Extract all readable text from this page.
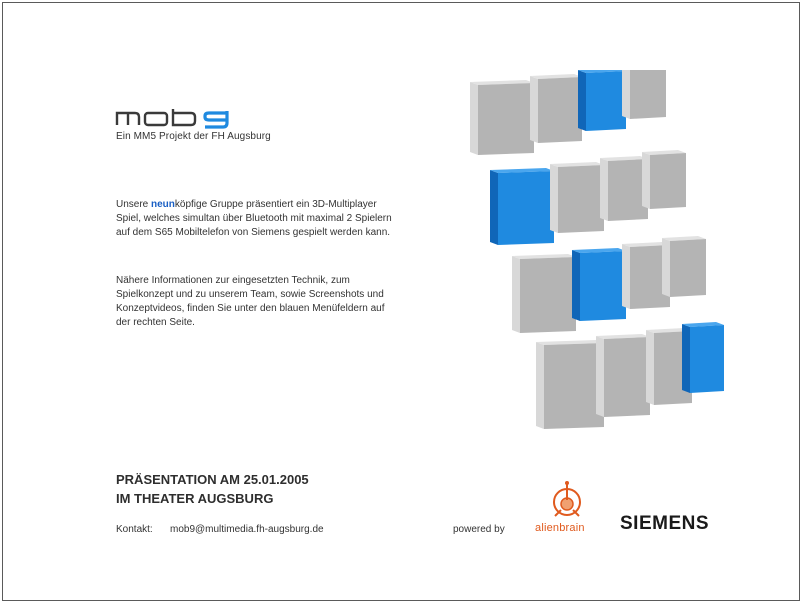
Ein MM5 Projekt der FH Augsburg
Unsere neunköpfige Gruppe präsentiert ein 3D-Multiplayer Spiel, welches simultan über Bluetooth mit maximal 2 Spielern auf dem S65 Mobiltelefon von Siemens gespielt werden kann.
Nähere Informationen zur eingesetzten Technik, zum Spielkonzept und zu unserem Team, sowie Screenshots und Konzeptvideos, finden Sie unter den blauen Menüfeldern auf der rechten Seite.
PRÄSENTATION AM 25.01.2005
IM THEATER AUGSBURG
Kontakt: mob9@multimedia.fh-augsburg.de	powered by	alienbrain SIEMENS
